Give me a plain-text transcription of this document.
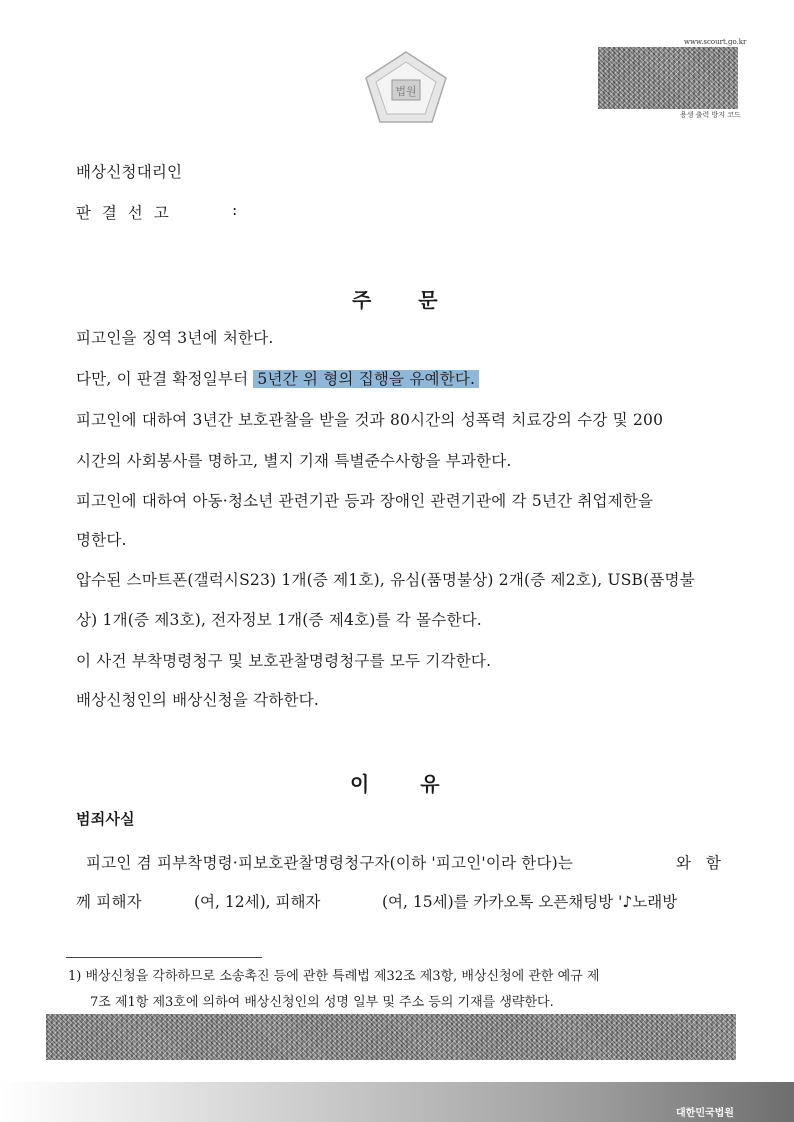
www.scourt.go.kr
용생 출력 방지 코드
법원
배상신청대리인
판 결 선 고	:
주 문
피고인을 징역 3년에 처한다.
다만, 이 판결 확정일부터 5년간 위 형의 집행을 유예한다.
피고인에 대하여 3년간 보호관찰을 받을 것과 80시간의 성폭력 치료강의 수강 및 200
시간의 사회봉사를 명하고, 별지 기재 특별준수사항을 부과한다.
피고인에 대하여 아동·청소년 관련기관 등과 장애인 관련기관에 각 5년간 취업제한을
명한다.
압수된 스마트폰(갤럭시S23) 1개(증 제1호), 유심(품명불상) 2개(증 제2호), USB(품명불
상) 1개(증 제3호), 전자정보 1개(증 제4호)를 각 몰수한다.
이 사건 부착명령청구 및 보호관찰명령청구를 모두 기각한다.
배상신청인의 배상신청을 각하한다.
이 유
범죄사실
피고인 겸 피부착명령·피보호관찰명령청구자(이하 '피고인'이라 한다)는	와 함
께 피해자	(여, 12세), 피해자	(여, 15세)를 카카오톡 오픈채팅방 '♪노래방
1) 배상신청을 각하하므로 소송촉진 등에 관한 특례법 제32조 제3항, 배상신청에 관한 예규 제
7조 제1항 제3호에 의하여 배상신청인의 성명 일부 및 주소 등의 기재를 생략한다.
대한민국법원
